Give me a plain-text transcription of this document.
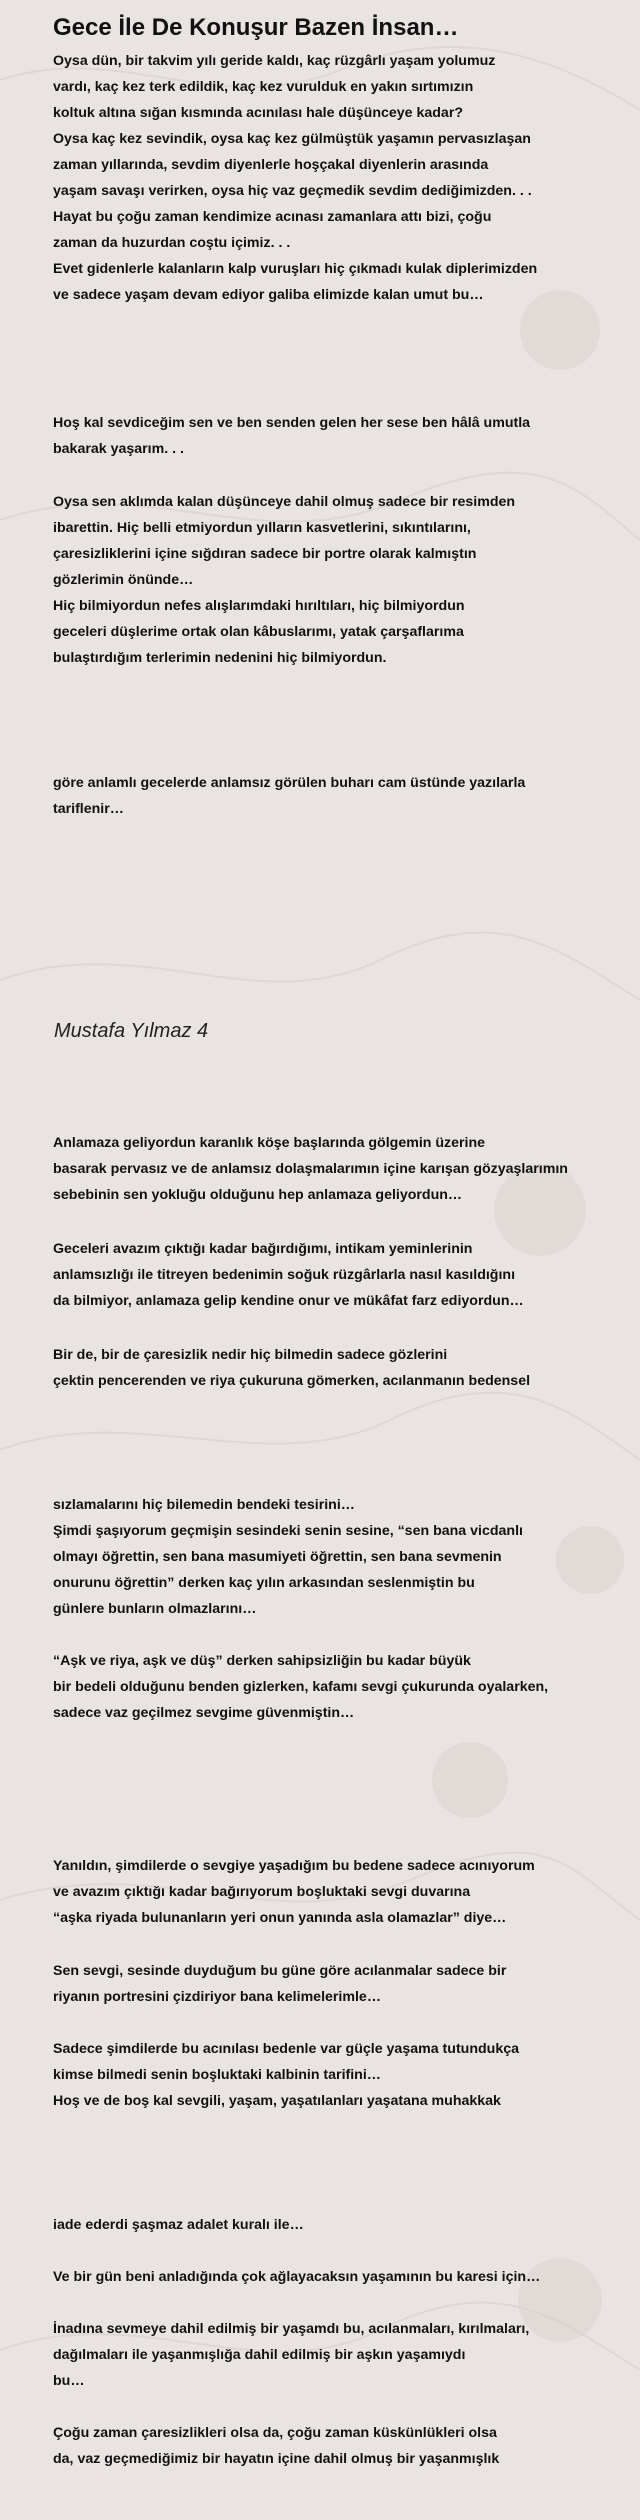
Gece İle De Konuşur Bazen İnsan…
Oysa dün, bir takvim yılı geride kaldı, kaç rüzgârlı yaşam yolumuz
vardı, kaç kez terk edildik, kaç kez vurulduk en yakın sırtımızın
koltuk altına sığan kısmında acınılası hale düşünceye kadar?
Oysa kaç kez sevindik, oysa kaç kez gülmüştük yaşamın pervasızlaşan
zaman yıllarında, sevdim diyenlerle hoşçakal diyenlerin arasında
yaşam savaşı verirken, oysa hiç vaz geçmedik sevdim dediğimizden. . .
Hayat bu çoğu zaman kendimize acınası zamanlara attı bizi, çoğu
zaman da huzurdan coştu içimiz. . .
Evet gidenlerle kalanların kalp vuruşları hiç çıkmadı kulak diplerimizden
ve sadece yaşam devam ediyor galiba elimizde kalan umut bu…
Hoş kal sevdiceğim sen ve ben senden gelen her sese ben hâlâ umutla
bakarak yaşarım. . .
Oysa sen aklımda kalan düşünceye dahil olmuş sadece bir resimden
ibarettin. Hiç belli etmiyordun yılların kasvetlerini, sıkıntılarını,
çaresizliklerini içine sığdıran sadece bir portre olarak kalmıştın
gözlerimin önünde…
Hiç bilmiyordun nefes alışlarımdaki hırıltıları, hiç bilmiyordun
geceleri düşlerime ortak olan kâbuslarımı, yatak çarşaflarıma
bulaştırdığım terlerimin nedenini hiç bilmiyordun.
göre anlamlı gecelerde anlamsız görülen buharı cam üstünde yazılarla
tariflenir…

Mustafa Yılmaz 4

Anlamaza geliyordun karanlık köşe başlarında gölgemin üzerine
basarak pervasız ve de anlamsız dolaşmalarımın içine karışan gözyaşlarımın
sebebinin sen yokluğu olduğunu hep anlamaza geliyordun…
Geceleri avazım çıktığı kadar bağırdığımı, intikam yeminlerinin
anlamsızlığı ile titreyen bedenimin soğuk rüzgârlarla nasıl kasıldığını
da bilmiyor, anlamaza gelip kendine onur ve mükâfat farz ediyordun…
Bir de, bir de çaresizlik nedir hiç bilmedin sadece gözlerini
çektin pencerenden ve riya çukuruna gömerken, acılanmanın bedensel
sızlamalarını hiç bilemedin bendeki tesirini…
Şimdi şaşıyorum geçmişin sesindeki senin sesine, “sen bana vicdanlı
olmayı öğrettin, sen bana masumiyeti öğrettin, sen bana sevmenin
onurunu öğrettin” derken kaç yılın arkasından seslenmiştin bu
günlere bunların olmazlarını…
“Aşk ve riya, aşk ve düş” derken sahipsizliğin bu kadar büyük
bir bedeli olduğunu benden gizlerken, kafamı sevgi çukurunda oyalarken,
sadece vaz geçilmez sevgime güvenmiştin…
Yanıldın, şimdilerde o sevgiye yaşadığım bu bedene sadece acınıyorum
ve avazım çıktığı kadar bağırıyorum boşluktaki sevgi duvarına
“aşka riyada bulunanların yeri onun yanında asla olamazlar” diye…
Sen sevgi, sesinde duyduğum bu güne göre acılanmalar sadece bir
riyanın portresini çizdiriyor bana kelimelerimle…
Sadece şimdilerde bu acınılası bedenle var güçle yaşama tutundukça
kimse bilmedi senin boşluktaki kalbinin tarifini…
Hoş ve de boş kal sevgili, yaşam, yaşatılanları yaşatana muhakkak
iade ederdi şaşmaz adalet kuralı ile…
Ve bir gün beni anladığında çok ağlayacaksın yaşamının bu karesi için…
İnadına sevmeye dahil edilmiş bir yaşamdı bu, acılanmaları, kırılmaları,
dağılmaları ile yaşanmışlığa dahil edilmiş bir aşkın yaşamıydı
bu…
Çoğu zaman çaresizlikleri olsa da, çoğu zaman küskünlükleri olsa
da, vaz geçmediğimiz bir hayatın içine dahil olmuş bir yaşanmışlık
